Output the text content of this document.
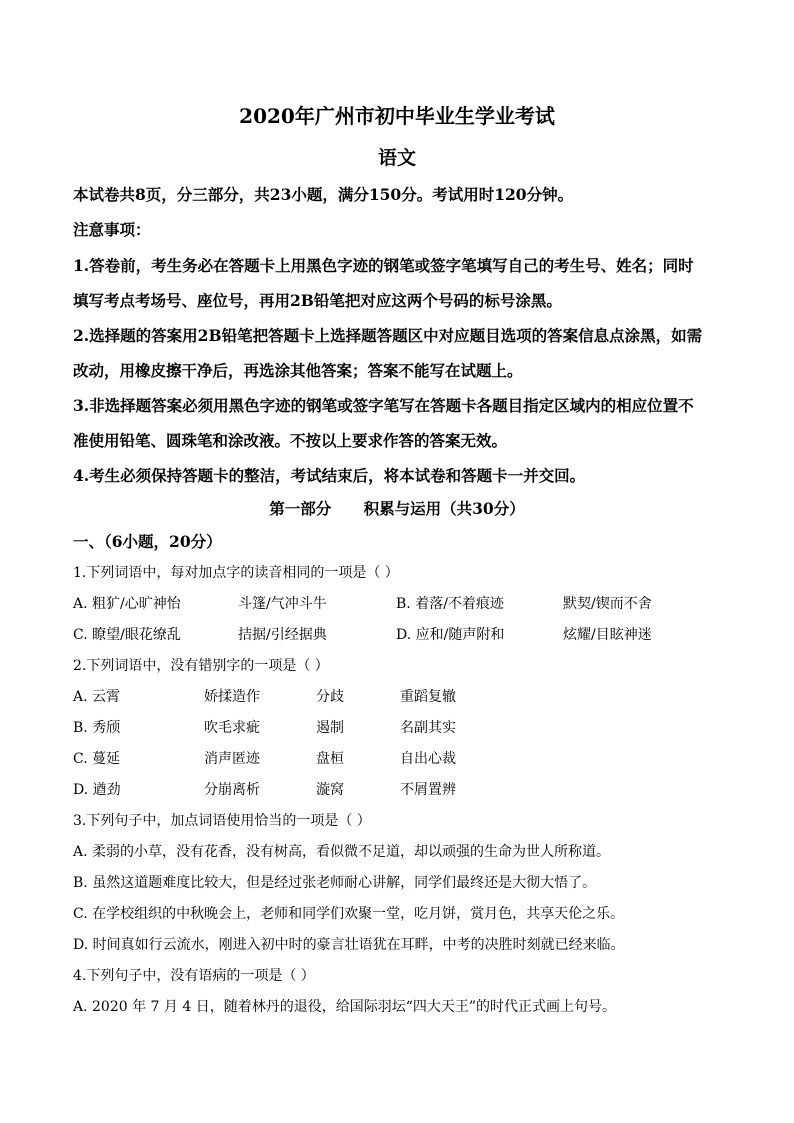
2020年广州市初中毕业生学业考试
语文
本试卷共8页，分三部分，共23小题，满分150分。考试用时120分钟。
注意事项：
1.答卷前，考生务必在答题卡上用黑色字迹的钢笔或签字笔填写自己的考生号、姓名；同时
填写考点考场号、座位号，再用2B铅笔把对应这两个号码的标号涂黑。
2.选择题的答案用2B铅笔把答题卡上选择题答题区中对应题目选项的答案信息点涂黑，如需
改动，用橡皮擦干净后，再选涂其他答案；答案不能写在试题上。
3.非选择题答案必须用黑色字迹的钢笔或签字笔写在答题卡各题目指定区域内的相应位置不
准使用铅笔、圆珠笔和涂改液。不按以上要求作答的答案无效。
4.考生必须保持答题卡的整洁，考试结束后，将本试卷和答题卡一并交回。
第一部分      积累与运用（共30分）
一、（6小题，20分）
1.下列词语中，每对加点字的读音相同的一项是（ ）
A. 粗犷/心旷神怡	斗篷/气冲斗牛	B. 着落/不着痕迹	默契/锲而不舍
C. 瞭望/眼花缭乱	拮据/引经据典	D. 应和/随声附和	炫耀/目眩神迷
2.下列词语中，没有错别字的一项是（ ）
A. 云霄	娇揉造作	分歧	重蹈复辙
B. 秀颀	吹毛求疵	遏制	名副其实
C. 蔓延	消声匿迹	盘桓	自出心裁
D. 遒劲	分崩离析	漩窝	不屑置辨
3.下列句子中，加点词语使用恰当的一项是（ ）
A. 柔弱的小草，没有花香，没有树高，看似微不足道，却以顽强的生命为世人所称道。
B. 虽然这道题难度比较大，但是经过张老师耐心讲解，同学们最终还是大彻大悟了。
C. 在学校组织的中秋晚会上，老师和同学们欢聚一堂，吃月饼，赏月色，共享天伦之乐。
D. 时间真如行云流水，刚进入初中时的豪言壮语犹在耳畔，中考的决胜时刻就已经来临。
4.下列句子中，没有语病的一项是（ ）
A. 2020 年 7 月 4 日，随着林丹的退役，给国际羽坛“四大天王”的时代正式画上句号。
